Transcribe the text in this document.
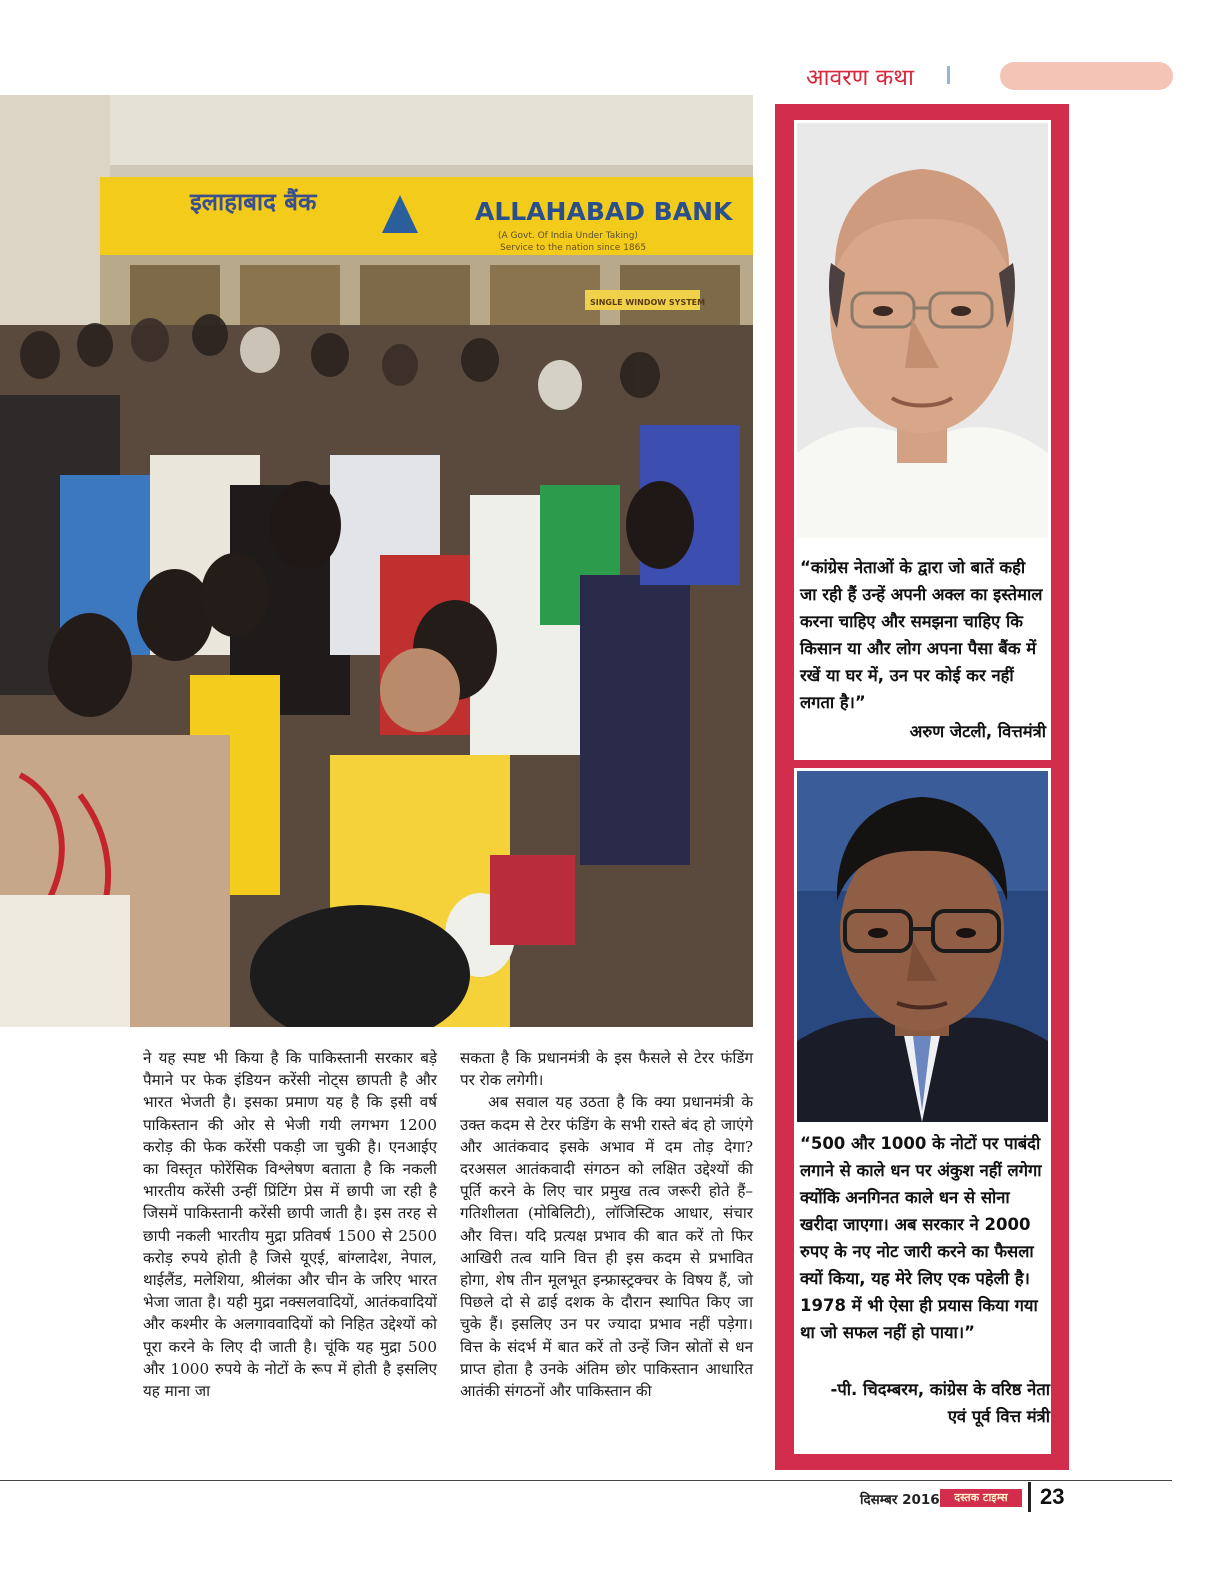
आवरण कथा
इलाहाबाद बैंक	ALLAHABAD BANK
(A Govt. Of India Under Taking)
Service to the nation since 1865
SINGLE WINDOW SYSTEM

ने यह स्पष्ट भी किया है कि पाकिस्तानी सरकार बड़े पैमाने पर फेक इंडियन करेंसी नोट्स छापती है और भारत भेजती है। इसका प्रमाण यह है कि इसी वर्ष पाकिस्तान की ओर से भेजी गयी लगभग 1200 करोड़ की फेक करेंसी पकड़ी जा चुकी है। एनआईए का विस्तृत फोरेंसिक विश्लेषण बताता है कि नकली भारतीय करेंसी उन्हीं प्रिंटिंग प्रेस में छापी जा रही है जिसमें पाकिस्तानी करेंसी छापी जाती है। इस तरह से छापी नकली भारतीय मुद्रा प्रतिवर्ष 1500 से 2500 करोड़ रुपये होती है जिसे यूएई, बांग्लादेश, नेपाल, थाईलैंड, मलेशिया, श्रीलंका और चीन के जरिए भारत भेजा जाता है। यही मुद्रा नक्सलवादियों, आतंकवादियों और कश्मीर के अलगाववादियों को निहित उद्देश्यों को पूरा करने के लिए दी जाती है। चूंकि यह मुद्रा 500 और 1000 रुपये के नोटों के रूप में होती है इसलिए यह माना जा

सकता है कि प्रधानमंत्री के इस फैसले से टेरर फंडिंग पर रोक लगेगी।

अब सवाल यह उठता है कि क्या प्रधानमंत्री के उक्त कदम से टेरर फंडिंग के सभी रास्ते बंद हो जाएंगे और आतंकवाद इसके अभाव में दम तोड़ देगा? दरअसल आतंकवादी संगठन को लक्षित उद्देश्यों की पूर्ति करने के लिए चार प्रमुख तत्व जरूरी होते हैं–गतिशीलता (मोबिलिटी), लॉजिस्टिक आधार, संचार और वित्त। यदि प्रत्यक्ष प्रभाव की बात करें तो फिर आखिरी तत्व यानि वित्त ही इस कदम से प्रभावित होगा, शेष तीन मूलभूत इन्फ्रास्ट्रक्चर के विषय हैं, जो पिछले दो से ढाई दशक के दौरान स्थापित किए जा चुके हैं। इसलिए उन पर ज्यादा प्रभाव नहीं पड़ेगा। वित्त के संदर्भ में बात करें तो उन्हें जिन स्रोतों से धन प्राप्त होता है उनके अंतिम छोर पाकिस्तान आधारित आतंकी संगठनों और पाकिस्तान की

“कांग्रेस नेताओं के द्वारा जो बातें कही जा रही हैं उन्हें अपनी अक्ल का इस्तेमाल करना चाहिए और समझना चाहिए कि किसान या और लोग अपना पैसा बैंक में रखें या घर में, उन पर कोई कर नहीं लगता है।”
अरुण जेटली, वित्तमंत्री
“500 और 1000 के नोटों पर पाबंदी लगाने से काले धन पर अंकुश नहीं लगेगा क्योंकि अनगिनत काले धन से सोना खरीदा जाएगा। अब सरकार ने 2000 रुपए के नए नोट जारी करने का फैसला क्यों किया, यह मेरे लिए एक पहेली है। 1978 में भी ऐसा ही प्रयास किया गया था जो सफल नहीं हो पाया।”
-पी. चिदम्बरम, कांग्रेस के वरिष्ठ नेता
एवं पूर्व वित्त मंत्री
दिसम्बर 2016	दस्तक टाइम्स	23
